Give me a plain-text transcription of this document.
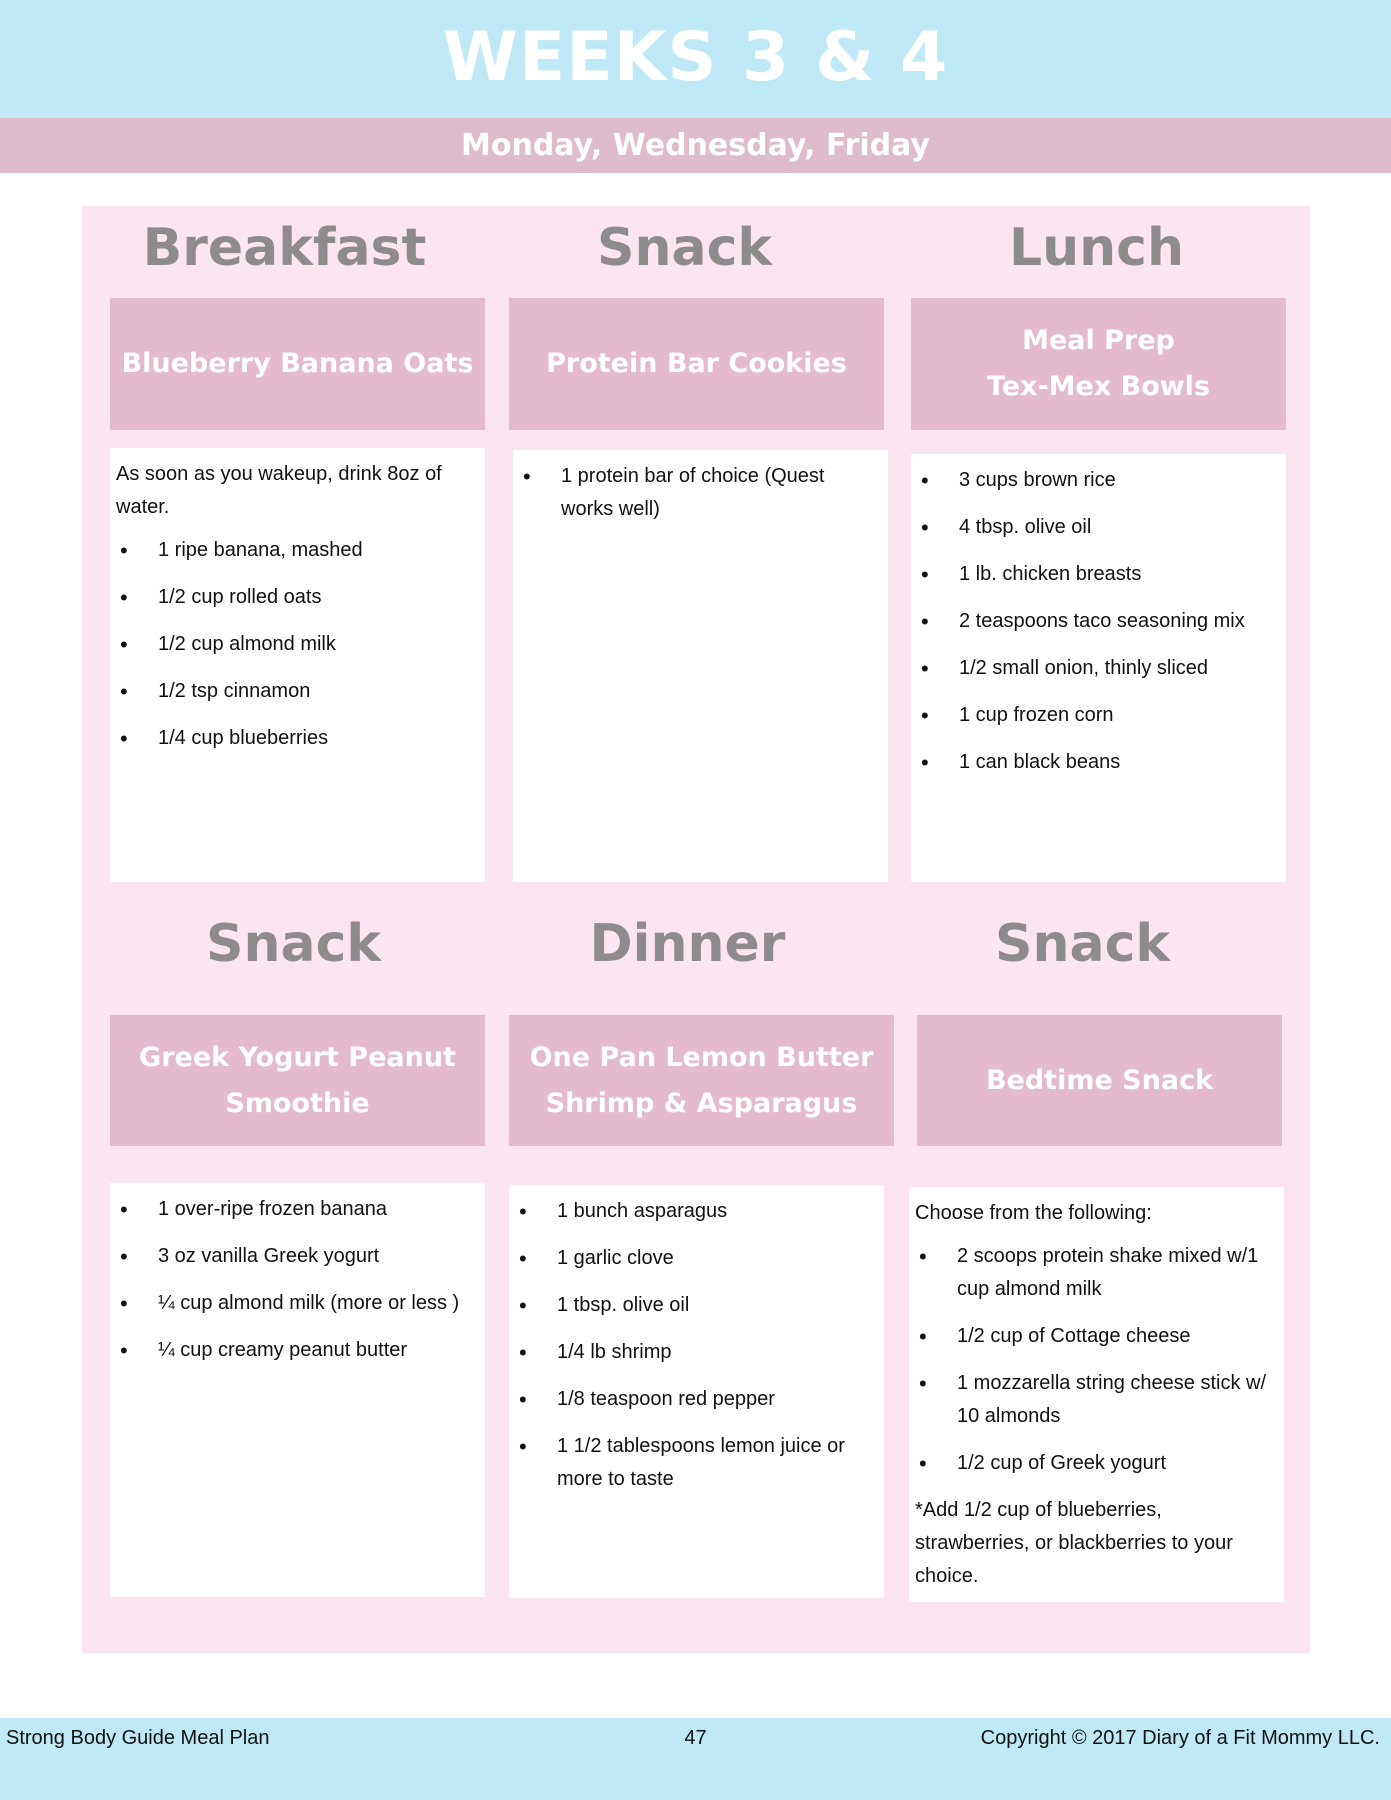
WEEKS 3 & 4
Monday, Wednesday, Friday
Breakfast	Snack	Lunch
Blueberry Banana Oats	Protein Bar Cookies
Meal Prep
Tex-Mex Bowls

As soon as you wakeup, drink 8oz of water.

• 1 ripe banana, mashed
• 1/2 cup rolled oats
• 1/2 cup almond milk
• 1/2 tsp cinnamon
• 1/4 cup blueberries
• 1 protein bar of choice (Quest works well)
• 3 cups brown rice
• 4 tbsp. olive oil
• 1 lb. chicken breasts
• 2 teaspoons taco seasoning mix
• 1/2 small onion, thinly sliced
• 1 cup frozen corn
• 1 can black beans
Snack	Dinner	Snack
Greek Yogurt Peanut Smoothie
One Pan Lemon Butter Shrimp & Asparagus
Bedtime Snack
• 1 over-ripe frozen banana
• 3 oz vanilla Greek yogurt
• ¼ cup almond milk (more or less )
• ¼ cup creamy peanut butter
• 1 bunch asparagus
• 1 garlic clove
• 1 tbsp. olive oil
• 1/4 lb shrimp
• 1/8 teaspoon red pepper
• 1 1/2 tablespoons lemon juice or more to taste

Choose from the following:

• 2 scoops protein shake mixed w/1 cup almond milk
• 1/2 cup of Cottage cheese
• 1 mozzarella string cheese stick w/ 10 almonds
• 1/2 cup of Greek yogurt

*Add 1/2 cup of blueberries, strawberries, or blackberries to your choice.

Strong Body Guide Meal Plan	47	Copyright © 2017 Diary of a Fit Mommy LLC.
